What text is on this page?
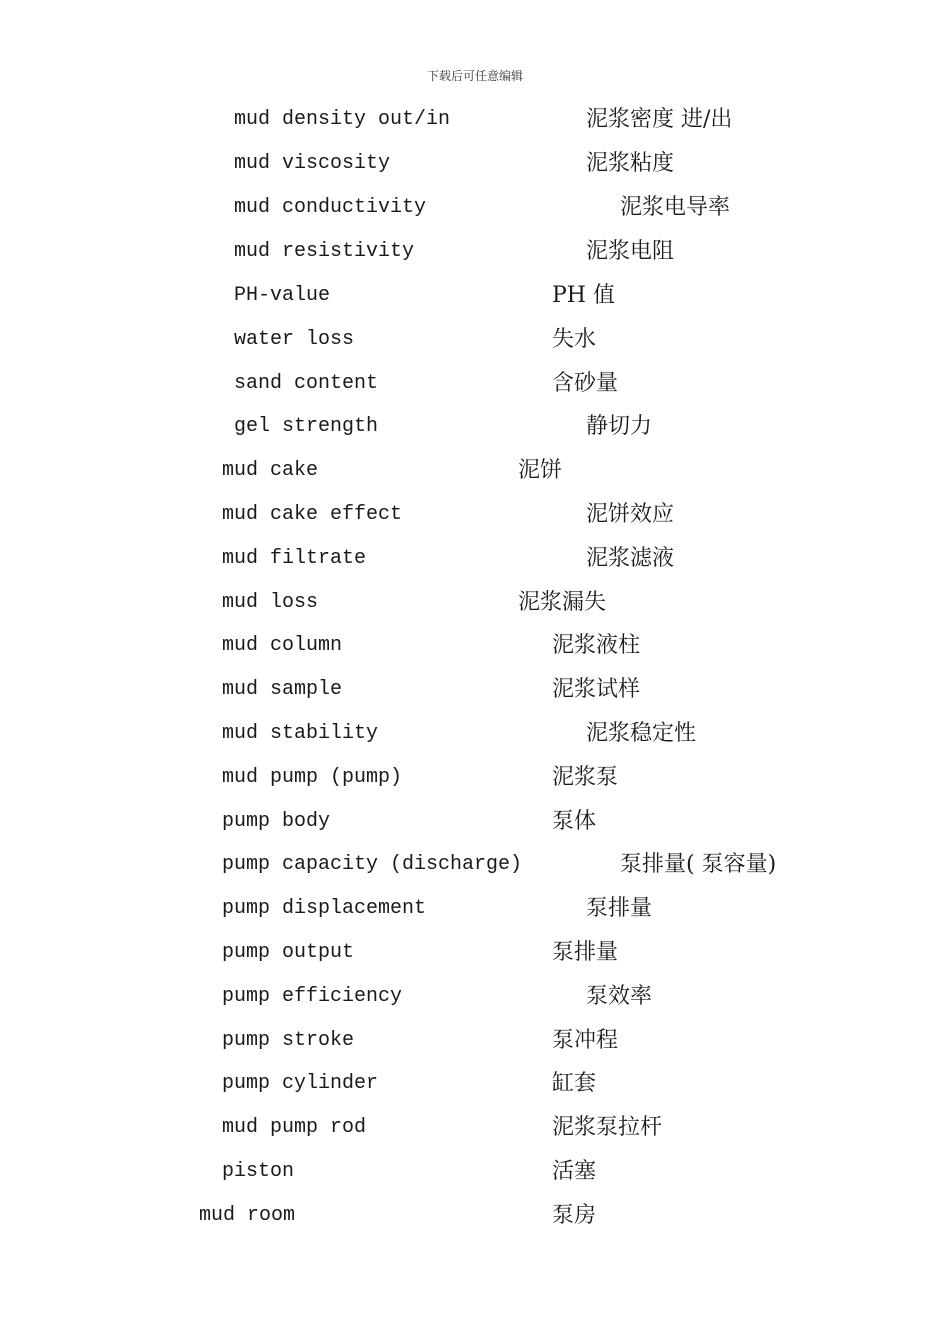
下载后可任意编辑
mud density out/in	泥浆密度 进/出
mud viscosity	泥浆粘度
mud conductivity	泥浆电导率
mud resistivity	泥浆电阻
PH-value	PH 值
water loss	失水
sand content	含砂量
gel strength	静切力
mud cake	泥饼
mud cake effect	泥饼效应
mud filtrate	泥浆滤液
mud loss	泥浆漏失
mud column	泥浆液柱
mud sample	泥浆试样
mud stability	泥浆稳定性
mud pump (pump)	泥浆泵
pump body	泵体
pump capacity (discharge)	泵排量( 泵容量)
pump displacement	泵排量
pump output	泵排量
pump efficiency	泵效率
pump stroke	泵冲程
pump cylinder	缸套
mud pump rod	泥浆泵拉杆
piston	活塞
mud room	泵房
